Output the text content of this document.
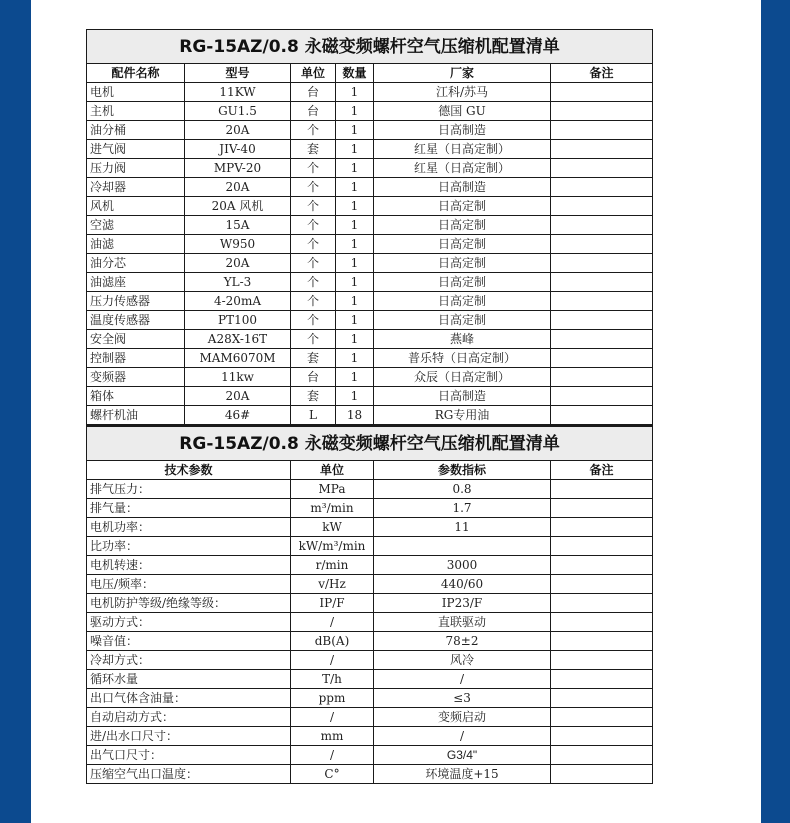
RG-15AZ/0.8 永磁变频螺杆空气压缩机配置清单					
配件名称	型号	单位	数量	厂家	备注
电机	11KW	台	1	江科/苏马	
主机	GU1.5	台	1	德国 GU	
油分桶	20A	个	1	日高制造	
进气阀	JIV-40	套	1	红星（日高定制）	
压力阀	MPV-20	个	1	红星（日高定制）	
冷却器	20A	个	1	日高制造	
风机	20A 风机	个	1	日高定制	
空滤	15A	个	1	日高定制	
油滤	W950	个	1	日高定制	
油分芯	20A	个	1	日高定制	
油滤座	YL-3	个	1	日高定制	
压力传感器	4-20mA	个	1	日高定制	
温度传感器	PT100	个	1	日高定制	
安全阀	A28X-16T	个	1	燕峰	
控制器	MAM6070M	套	1	普乐特（日高定制）	
变频器	11kw	台	1	众辰（日高定制）	
箱体	20A	套	1	日高制造	
螺杆机油	46#	L	18	RG专用油	
RG-15AZ/0.8 永磁变频螺杆空气压缩机配置清单			
技术参数	单位	参数指标	备注
排气压力：	MPa	0.8	
排气量：	m³/min	1.7	
电机功率：	kW	11	
比功率：	kW/m³/min		
电机转速：	r/min	3000	
电压/频率：	v/Hz	440/60	
电机防护等级/绝缘等级：	IP/F	IP23/F	
驱动方式：	/	直联驱动	
噪音值：	dB(A)	78±2	
冷却方式：	/	风冷	
循环水量	T/h	/	
出口气体含油量：	ppm	≤3	
自动启动方式：	/	变频启动	
进/出水口尺寸：	mm	/	
出气口尺寸：	/	G3/4"	
压缩空气出口温度：	C°	环境温度+15	
